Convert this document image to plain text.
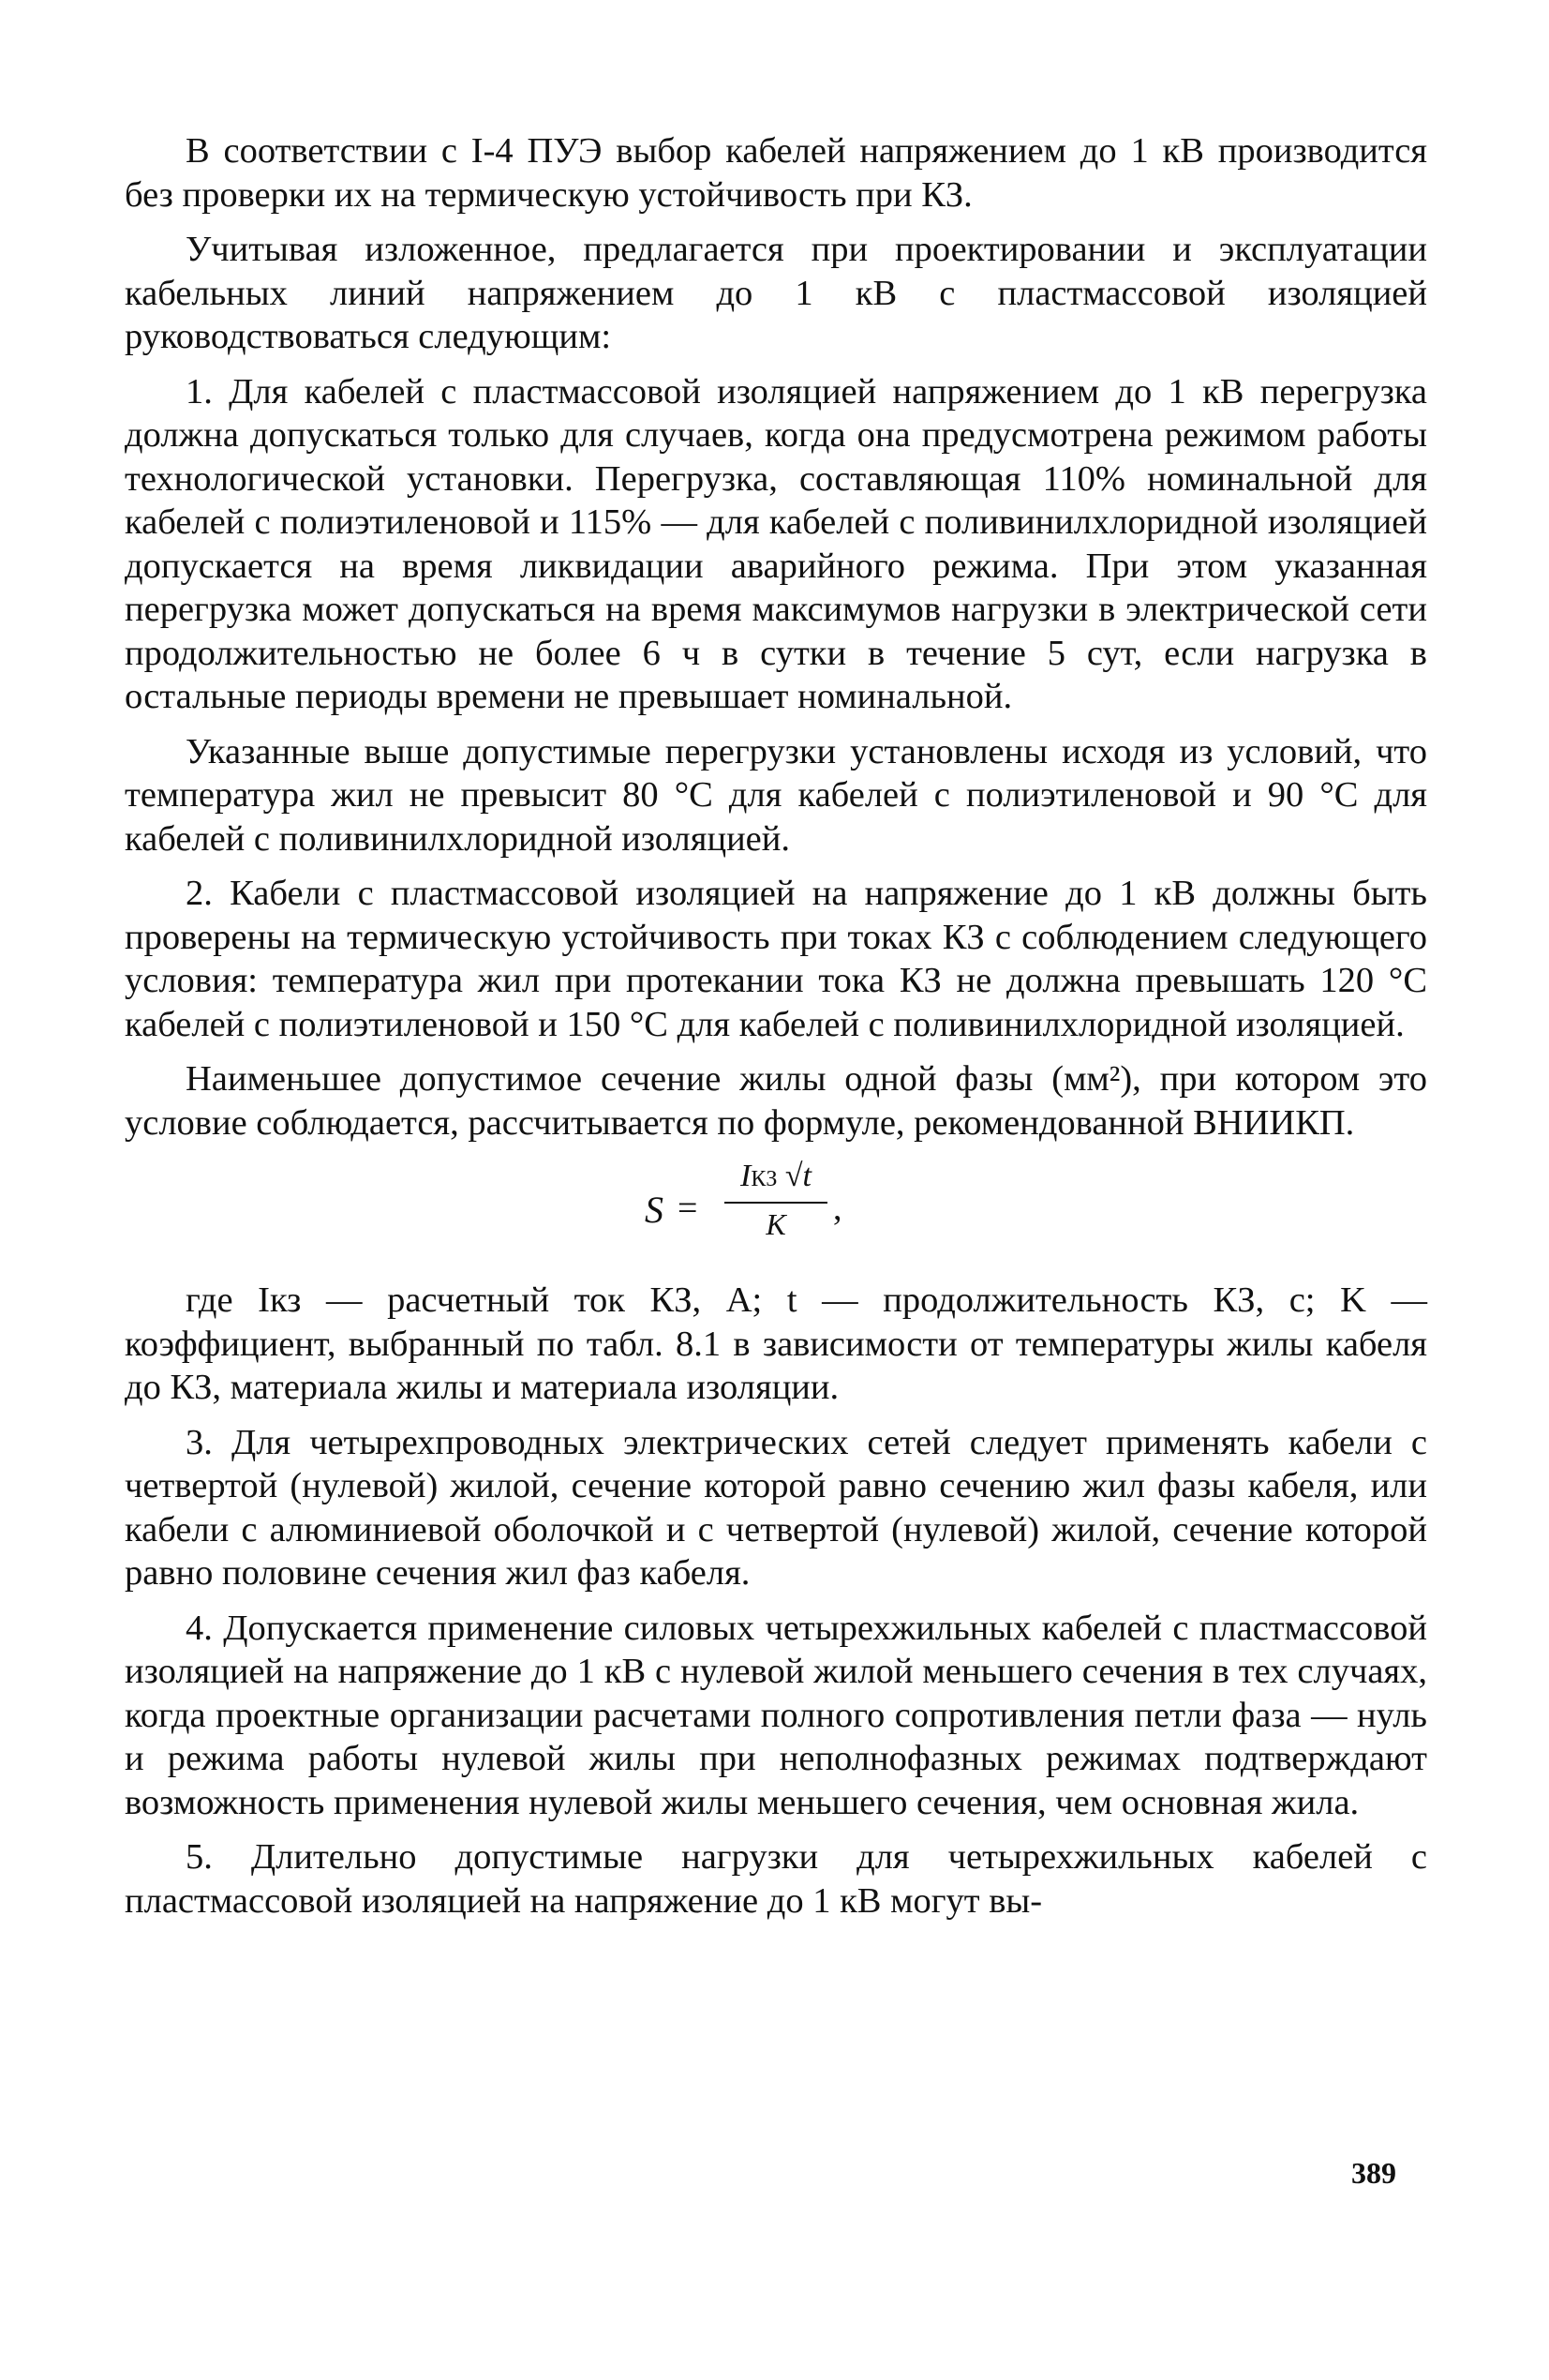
В соответствии с I-4 ПУЭ выбор кабелей напряжением до 1 кВ производится без проверки их на термическую устойчивость при КЗ.

Учитывая изложенное, предлагается при проектировании и эксплуатации кабельных линий напряжением до 1 кВ с пластмассовой изоляцией руководствоваться следующим:

1. Для кабелей с пластмассовой изоляцией напряжением до 1 кВ перегрузка должна допускаться только для случаев, когда она предусмотрена режимом работы технологической установки. Перегрузка, составляющая 110% номинальной для кабелей с полиэтиленовой и 115% — для кабелей с поливинилхлоридной изоляцией допускается на время ликвидации аварийного режима. При этом указанная перегрузка может допускаться на время максимумов нагрузки в электрической сети продолжительностью не более 6 ч в сутки в течение 5 сут, если нагрузка в остальные периоды времени не превышает номинальной.

Указанные выше допустимые перегрузки установлены исходя из условий, что температура жил не превысит 80 °С для кабелей с полиэтиленовой и 90 °С для кабелей с поливинилхлоридной изоляцией.

2. Кабели с пластмассовой изоляцией на напряжение до 1 кВ должны быть проверены на термическую устойчивость при токах КЗ с соблюдением следующего условия: температура жил при протекании тока КЗ не должна превышать 120 °С кабелей с полиэтиленовой и 150 °С для кабелей с поливинилхлоридной изоляцией.

Наименьшее допустимое сечение жилы одной фазы (мм²), при котором это условие соблюдается, рассчитывается по формуле, рекомендованной ВНИИКП.

S =
IКЗ √t
K	,

где Iкз — расчетный ток КЗ, А; t — продолжительность КЗ, с; K — коэффициент, выбранный по табл. 8.1 в зависимости от температуры жилы кабеля до КЗ, материала жилы и материала изоляции.

3. Для четырехпроводных электрических сетей следует применять кабели с четвертой (нулевой) жилой, сечение которой равно сечению жил фазы кабеля, или кабели с алюминиевой оболочкой и с четвертой (нулевой) жилой, сечение которой равно половине сечения жил фаз кабеля.

4. Допускается применение силовых четырехжильных кабелей с пластмассовой изоляцией на напряжение до 1 кВ с нулевой жилой меньшего сечения в тех случаях, когда проектные организации расчетами полного сопротивления петли фаза — нуль и режима работы нулевой жилы при неполнофазных режимах подтверждают возможность применения нулевой жилы меньшего сечения, чем основная жила.

5. Длительно допустимые нагрузки для четырехжильных кабелей с пластмассовой изоляцией на напряжение до 1 кВ могут вы-

389
